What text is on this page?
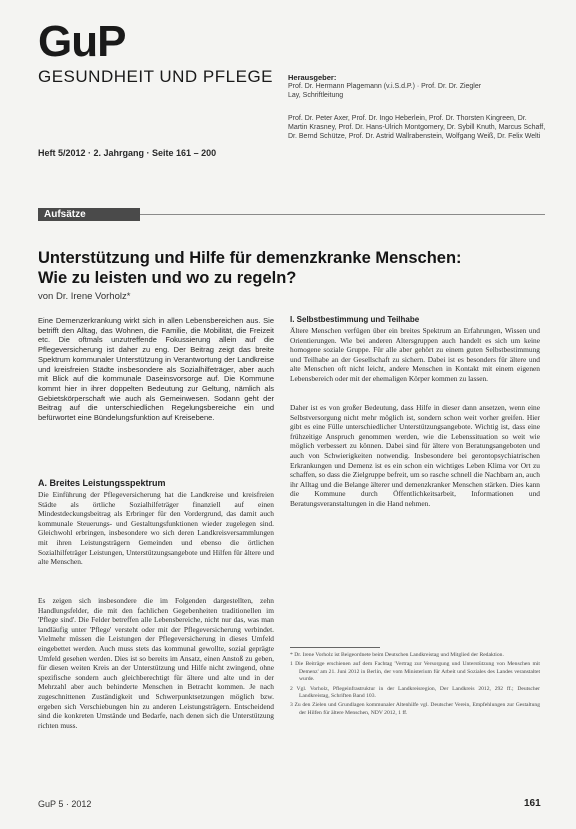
GuP
GESUNDHEIT UND PFLEGE
Heft 5/2012 · 2. Jahrgang · Seite 161 – 200

Herausgeber:

Prof. Dr. Hermann Plagemann (v.i.S.d.P.) · Prof. Dr. Dr. Ziegler

Lay, Schriftleitung

Prof. Dr. Peter Axer, Prof. Dr. Ingo Heberlein, Prof. Dr. Thorsten Kingreen, Dr. Martin Krasney, Prof. Dr. Hans-Ulrich Montgomery, Dr. Sybill Knuth, Marcus Schaff, Dr. Bernd Schütze, Prof. Dr. Astrid Wallrabenstein, Wolfgang Weiß, Dr. Felix Welti

Aufsätze
Unterstützung und Hilfe für demenzkranke Menschen:
Wie zu leisten und wo zu regeln?
von Dr. Irene Vorholz*

Eine Demenzerkrankung wirkt sich in allen Lebensbereichen aus. Sie betrifft den Alltag, das Wohnen, die Familie, die Mobilität, die Freizeit etc. Die oftmals unzutreffende Fokussierung allein auf die Pflegeversicherung ist daher zu eng. Der Beitrag zeigt das breite Spektrum kommunaler Unterstützung in Verantwortung der Landkreise und kreisfreien Städte insbesondere als Sozialhilfeträger, aber auch mit Blick auf die kommunale Daseinsvorsorge auf. Die Kommune kommt hier in ihrer doppelten Bedeutung zur Geltung, nämlich als Gebietskörperschaft wie auch als Gemeinwesen. Sodann geht der Beitrag auf die unterschiedlichen Regelungsbereiche ein und befürwortet eine Bündelungsfunktion auf Kreisebene.

A. Breites Leistungsspektrum

Die Einführung der Pflegeversicherung hat die Landkreise und kreisfreien Städte als örtliche Sozialhilfeträger finanziell auf einen Mindestdeckungsbeitrag als Erbringer für den Vordergrund, das damit auch kommunale Steuerungs- und Gestaltungsfunktionen wieder zugelegen sind. Gleichwohl erbringen, insbesondere wo sich deren Landkreisversammlungen mit ihren Leistungsträgern Gemeinden und ebenso die örtlichen Sozialhilfeträger Leistungen, Unterstützungsangebote und Hilfen für ältere und alte Menschen.

Es zeigen sich insbesondere die im Folgenden dargestellten, zehn Handlungsfelder, die mit den fachlichen Gegebenheiten traditionellen im 'Pflege sind'. Die Felder betreffen alle Lebensbereiche, nicht nur das, was man landläufig unter 'Pflege' versteht oder mit der Pflegeversicherung verbindet. Vielmehr müssen die Leistungen der Pflegeversicherung in dieses Umfeld eingebettet werden. Auch muss stets das kommunal gewollte, sozial geprägte Umfeld gesehen werden. Dies ist so bereits im Ansatz, einen Anstoß zu geben, für diesen weiten Kreis an der Unterstützung und Hilfe nicht zwingend, ohne spezifische sondern auch gleichberechtigt für ältere und alte und in der Mehrzahl aber auch behinderte Menschen in Betracht kommen. Je nach zugeschnittenen Zuständigkeit und Schwerpunktsetzungen möglich bzw. ergeben sich Verschiebungen hin zu anderen Leistungsträgern. Entscheidend sind die konkreten Umstände und Bedarfe, nach denen sich die Unterstützung richten muss.

I. Selbstbestimmung und Teilhabe

Ältere Menschen verfügen über ein breites Spektrum an Erfahrungen, Wissen und Orientierungen. Wie bei anderen Altersgruppen auch handelt es sich um keine homogene soziale Gruppe. Für alle aber gehört zu einem guten Selbstbestimmung und Teilhabe an der Gesellschaft zu sichern. Dabei ist es besonders für ältere und alte Menschen oft nicht leicht, andere Menschen in Kontakt mit einem eigenen Lebensbereich oder mit der ehemaligen Körper kommen zu lassen.

Daher ist es von großer Bedeutung, dass Hilfe in dieser dann ansetzen, wenn eine Selbstversorgung nicht mehr möglich ist, sondern schon weit vorher greifen. Hier gibt es eine Fülle unterschiedlicher Unterstützungsangebote. Wichtig ist, dass eine frühzeitige Anspruch genommen werden, wie die Lebenssituation so weit wie möglich verbessert zu können. Dabei sind für ältere von Beratungsangeboten und auch von Schwierigkeiten notwendig. Insbesondere bei gerontopsychiatrischen Erkrankungen und Demenz ist es ein schon ein wichtiges Leben Klima vor Ort zu schaffen, so dass die Zielgruppe befreit, um so rasche schnell die Nachbarn an, auch ihr Alltag und die Belange älterer und demenzkranker Menschen stärken. Dies kann die Kommune durch Öffentlichkeitsarbeit, Informationen und Beratungsveranstaltungen in die Hand nehmen.

* Dr. Irene Vorholz ist Beigeordnete beim Deutschen Landkreistag und Mitglied der Redaktion.

1 Die Beiträge erschienen auf dem Fachtag 'Vertrag zur Versorgung und Unterstützung von Menschen mit Demenz' am 21. Juni 2012 in Berlin, der vom Ministerium für Arbeit und Soziales des Landes veranstaltet wurde.

2 Vgl. Vorholz, Pflegeinfrastruktur in der Landkreisregion, Der Landkreis 2012, 292 ff.; Deutscher Landkreistag, Schriften Band 103.

3 Zu den Zielen und Grundlagen kommunaler Altenhilfe vgl. Deutscher Verein, Empfehlungen zur Gestaltung der Hilfen für ältere Menschen, NDV 2012, 1 ff.

GuP 5 · 2012	161
